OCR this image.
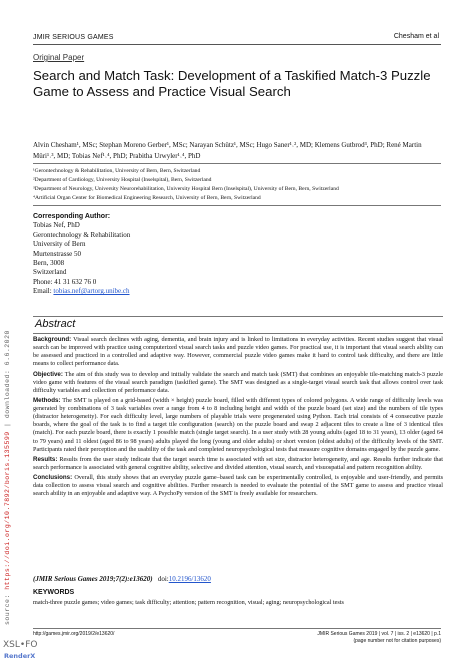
JMIR SERIOUS GAMES	Chesham et al
Original Paper
Search and Match Task: Development of a Taskified Match-3 Puzzle Game to Assess and Practice Visual Search
Alvin Chesham¹, MSc; Stephan Moreno Gerber¹, MSc; Narayan Schütz¹, MSc; Hugo Saner¹˒², MD; Klemens Gutbrod³, PhD; René Martin Müri¹˒³, MD; Tobias Nef¹˒⁴, PhD; Prabitha Urwyler¹˒⁴, PhD
¹Gerontechnology & Rehabilitation, University of Bern, Bern, Switzerland
²Department of Cardiology, University Hospital (Inselspital), Bern, Switzerland
³Department of Neurology, University Neurorehabilitation, University Hospital Bern (Inselspital), University of Bern, Bern, Switzerland
⁴Artificial Organ Center for Biomedical Engineering Research, University of Bern, Bern, Switzerland
Corresponding Author:
Tobias Nef, PhD
Gerontechnology & Rehabilitation
University of Bern
Murtenstrasse 50
Bern, 3008
Switzerland
Phone: 41 31 632 76 0
Email: tobias.nef@artorg.unibe.ch
Abstract

Background: Visual search declines with aging, dementia, and brain injury and is linked to limitations in everyday activities. Recent studies suggest that visual search can be improved with practice using computerized visual search tasks and puzzle video games. For practical use, it is important that visual search ability can be assessed and practiced in a controlled and adaptive way. However, commercial puzzle video games make it hard to control task difficulty, and there are little means to collect performance data.

Objective: The aim of this study was to develop and initially validate the search and match task (SMT) that combines an enjoyable tile-matching match-3 puzzle video game with features of the visual search paradigm (taskified game). The SMT was designed as a single-target visual search task that allows control over task difficulty variables and collection of performance data.

Methods: The SMT is played on a grid-based (width × height) puzzle board, filled with different types of colored polygons. A wide range of difficulty levels was generated by combinations of 3 task variables over a range from 4 to 8 including height and width of the puzzle board (set size) and the numbers of tile types (distractor heterogeneity). For each difficulty level, large numbers of playable trials were pregenerated using Python. Each trial consists of 4 consecutive puzzle boards, where the goal of the task is to find a target tile configuration (search) on the puzzle board and swap 2 adjacent tiles to create a line of 3 identical tiles (match). For each puzzle board, there is exactly 1 possible match (single target search). In a user study with 28 young adults (aged 18 to 31 years), 13 older (aged 64 to 79 years) and 11 oldest (aged 86 to 98 years) adults played the long (young and older adults) or short version (oldest adults) of the difficulty levels of the SMT. Participants rated their perception and the usability of the task and completed neuropsychological tests that measure cognitive domains engaged by the puzzle game.

Results: Results from the user study indicate that the target search time is associated with set size, distractor heterogeneity, and age. Results further indicate that search performance is associated with general cognitive ability, selective and divided attention, visual search, and visuospatial and pattern recognition ability.

Conclusions: Overall, this study shows that an everyday puzzle game–based task can be experimentally controlled, is enjoyable and user-friendly, and permits data collection to assess visual search and cognitive abilities. Further research is needed to evaluate the potential of the SMT game to assess and practice visual search ability in an enjoyable and adaptive way. A PsychoPy version of the SMT is freely available for researchers.

(JMIR Serious Games 2019;7(2):e13620) doi:10.2196/13620
KEYWORDS
match-three puzzle games; video games; task difficulty; attention; pattern recognition, visual; aging; neuropsychological tests
http://games.jmir.org/2019/2/e13620/	JMIR Serious Games 2019 | vol. 7 | iss. 2 | e13620 | p.1
(page number not for citation purposes)
source: https://doi.org/10.7892/boris.135599 | downloaded: 6.6.2020
XSL•FO
RenderX
